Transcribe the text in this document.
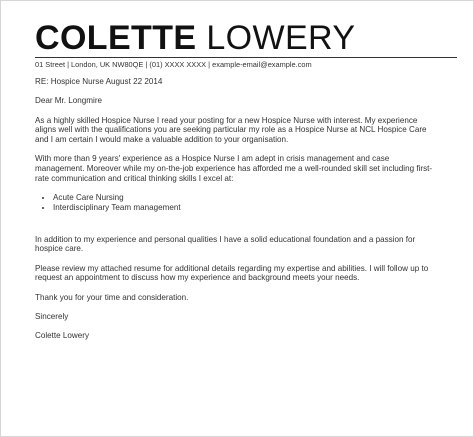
COLETTE LOWERY
01 Street | London, UK NW80QE | (01) XXXX XXXX | example-email@example.com

RE: Hospice Nurse August 22 2014

Dear Mr. Longmire

As a highly skilled Hospice Nurse I read your posting for a new Hospice Nurse with interest. My experience aligns well with the qualifications you are seeking particular my role as a Hospice Nurse at NCL Hospice Care and I am certain I would make a valuable addition to your organisation.

With more than 9 years' experience as a Hospice Nurse I am adept in crisis management and case management. Moreover while my on-the-job experience has afforded me a well-rounded skill set including first-rate communication and critical thinking skills I excel at:

• Acute Care Nursing
• Interdisciplinary Team management

In addition to my experience and personal qualities I have a solid educational foundation and a passion for hospice care.

Please review my attached resume for additional details regarding my expertise and abilities. I will follow up to request an appointment to discuss how my experience and background meets your needs.

Thank you for your time and consideration.

Sincerely

Colette Lowery
